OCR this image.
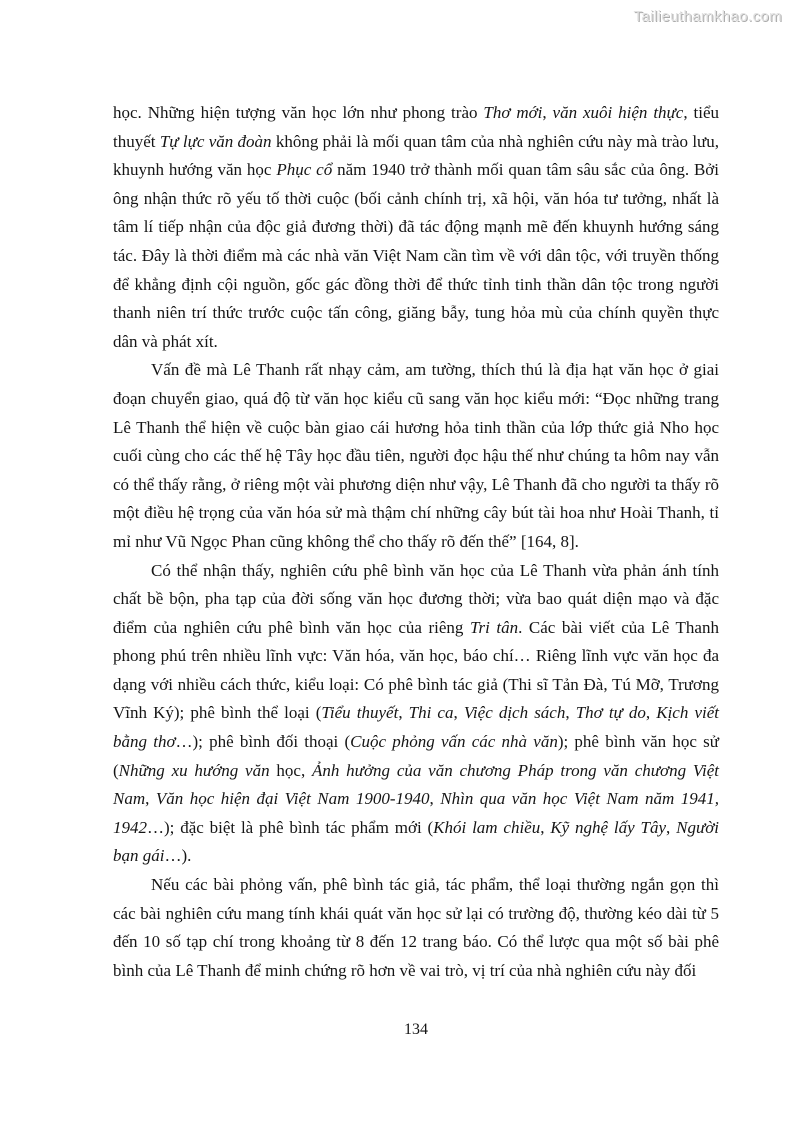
Tailieuthamkhao.com

học. Những hiện tượng văn học lớn như phong trào Thơ mới, văn xuôi hiện thực, tiểu thuyết Tự lực văn đoàn không phải là mối quan tâm của nhà nghiên cứu này mà trào lưu, khuynh hướng văn học Phục cổ năm 1940 trở thành mối quan tâm sâu sắc của ông. Bởi ông nhận thức rõ yếu tố thời cuộc (bối cảnh chính trị, xã hội, văn hóa tư tưởng, nhất là tâm lí tiếp nhận của độc giả đương thời) đã tác động mạnh mẽ đến khuynh hướng sáng tác. Đây là thời điểm mà các nhà văn Việt Nam cần tìm về với dân tộc, với truyền thống để khẳng định cội nguồn, gốc gác đồng thời để thức tỉnh tinh thần dân tộc trong người thanh niên trí thức trước cuộc tấn công, giăng bẫy, tung hỏa mù của chính quyền thực dân và phát xít.

Vấn đề mà Lê Thanh rất nhạy cảm, am tường, thích thú là địa hạt văn học ở giai đoạn chuyển giao, quá độ từ văn học kiểu cũ sang văn học kiểu mới: “Đọc những trang Lê Thanh thể hiện về cuộc bàn giao cái hương hỏa tinh thần của lớp thức giả Nho học cuối cùng cho các thế hệ Tây học đầu tiên, người đọc hậu thế như chúng ta hôm nay vẫn có thể thấy rằng, ở riêng một vài phương diện như vậy, Lê Thanh đã cho người ta thấy rõ một điều hệ trọng của văn hóa sử mà thậm chí những cây bút tài hoa như Hoài Thanh, tỉ mỉ như Vũ Ngọc Phan cũng không thể cho thấy rõ đến thế” [164, 8].

Có thể nhận thấy, nghiên cứu phê bình văn học của Lê Thanh vừa phản ánh tính chất bề bộn, pha tạp của đời sống văn học đương thời; vừa bao quát diện mạo và đặc điểm của nghiên cứu phê bình văn học của riêng Tri tân. Các bài viết của Lê Thanh phong phú trên nhiều lĩnh vực: Văn hóa, văn học, báo chí… Riêng lĩnh vực văn học đa dạng với nhiều cách thức, kiểu loại: Có phê bình tác giả (Thi sĩ Tản Đà, Tú Mỡ, Trương Vĩnh Ký); phê bình thể loại (Tiểu thuyết, Thi ca, Việc dịch sách, Thơ tự do, Kịch viết bằng thơ…); phê bình đối thoại (Cuộc phỏng vấn các nhà văn); phê bình văn học sử (Những xu hướng văn học, Ảnh hưởng của văn chương Pháp trong văn chương Việt Nam, Văn học hiện đại Việt Nam 1900-1940, Nhìn qua văn học Việt Nam năm 1941, 1942…); đặc biệt là phê bình tác phẩm mới (Khói lam chiều, Kỹ nghệ lấy Tây, Người bạn gái…).

Nếu các bài phỏng vấn, phê bình tác giả, tác phẩm, thể loại thường ngắn gọn thì các bài nghiên cứu mang tính khái quát văn học sử lại có trường độ, thường kéo dài từ 5 đến 10 số tạp chí trong khoảng từ 8 đến 12 trang báo. Có thể lược qua một số bài phê bình của Lê Thanh để minh chứng rõ hơn về vai trò, vị trí của nhà nghiên cứu này đối

134
